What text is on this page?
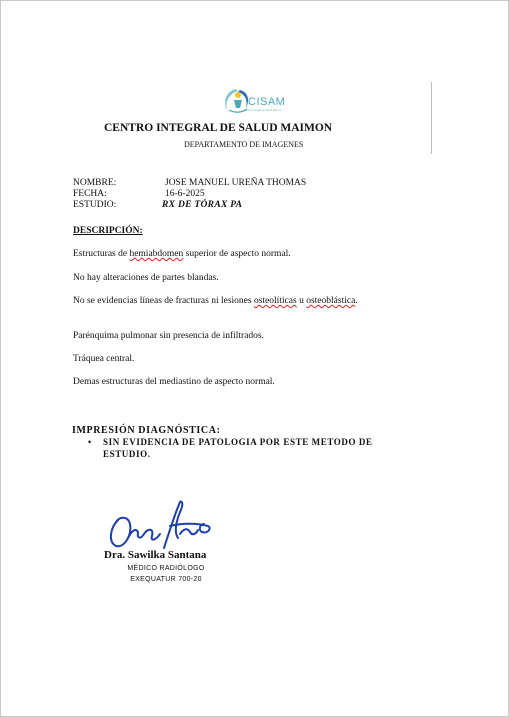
CISAM
Centro Integral de Salud Maimon
CENTRO INTEGRAL DE SALUD MAIMON
DEPARTAMENTO DE IMAGENES
NOMBRE:	JOSE MANUEL UREÑA THOMAS
FECHA:	16-6-2025
ESTUDIO:	RX DE TÓRAX PA
DESCRIPCIÓN:
Estructuras de hemiabdomen superior de aspecto normal.
No hay alteraciones de partes blandas.
No se evidencias líneas de fracturas ni lesiones osteolíticas u osteoblástica.
Parénquima pulmonar sin presencia de infiltrados.
Tráquea central.
Demas estructuras del mediastino de aspecto normal.
IMPRESIÓN DIAGNÓSTICA:
•	SIN EVIDENCIA DE PATOLOGIA POR ESTE METODO DE ESTUDIO.
Dra. Sawilka Santana
MÉDICO RADIÓLOGO
EXEQUATUR 700-20
